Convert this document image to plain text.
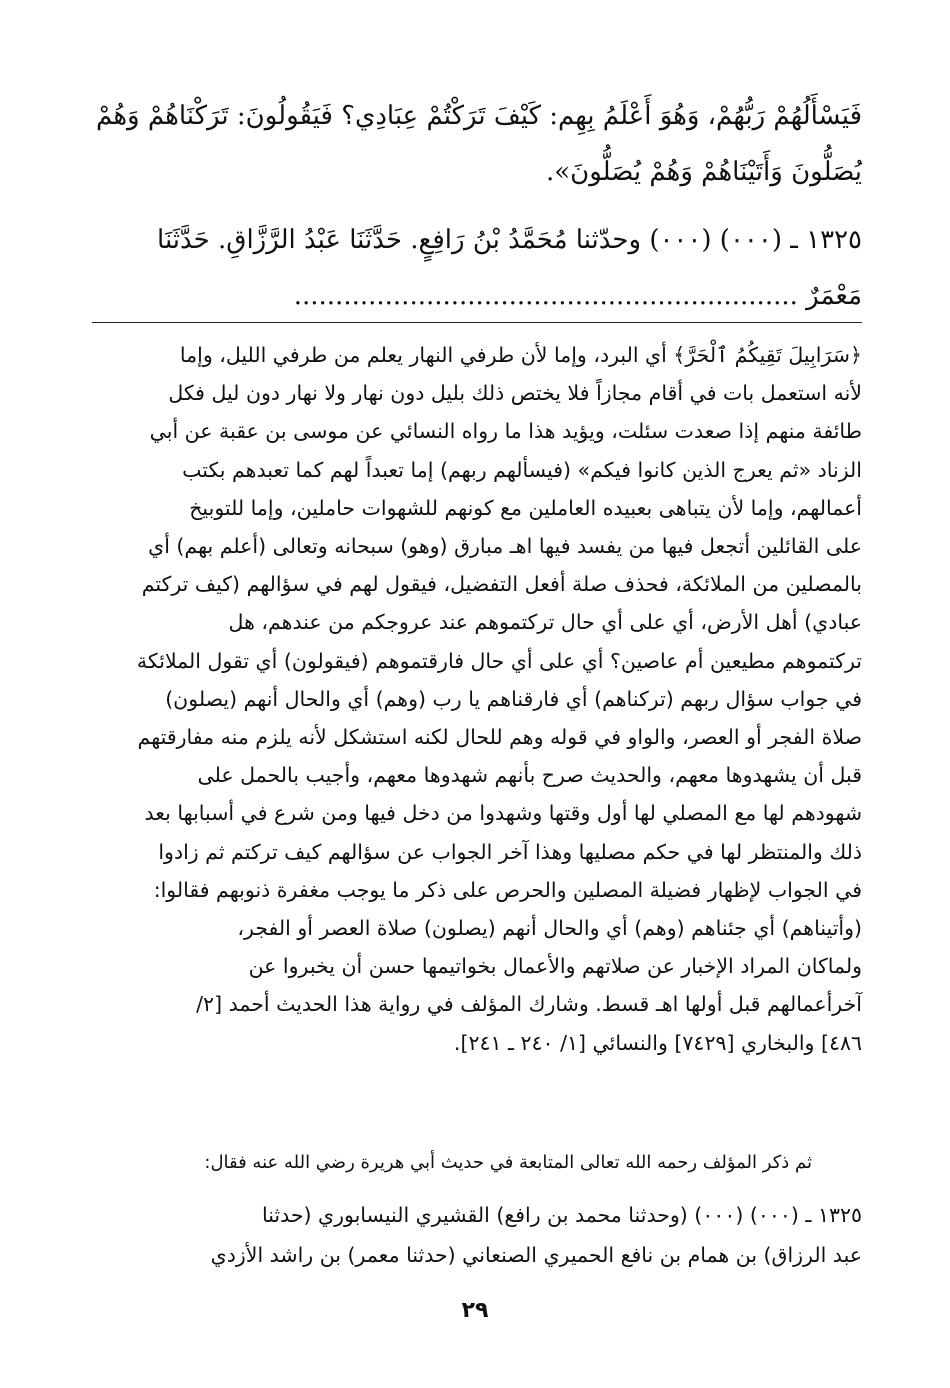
فَيَسْأَلُهُمْ رَبُّهُمْ، وَهُوَ أَعْلَمُ بِهِم: كَيْفَ تَرَكْتُمْ عِبَادِي؟ فَيَقُولُونَ: تَرَكْنَاهُمْ وَهُمْ

يُصَلُّونَ وَأَتَيْنَاهُمْ وَهُمْ يُصَلُّونَ».

١٣٢٥ ـ (٠٠٠) (٠٠٠) وحدّثنا مُحَمَّدُ بْنُ رَافِعٍ. حَدَّثَنَا عَبْدُ الرَّزَّاقِ. حَدَّثَنَا

مَعْمَرٌ .............................................................

﴿سَرَابِيلَ تَقِيكُمُ ٱلْحَرَّ﴾ أي البرد، وإما لأن طرفي النهار يعلم من طرفي الليل، وإما

لأنه استعمل بات في أقام مجازاً فلا يختص ذلك بليل دون نهار ولا نهار دون ليل فكل

طائفة منهم إذا صعدت سئلت، ويؤيد هذا ما رواه النسائي عن موسى بن عقبة عن أبي

الزناد «ثم يعرج الذين كانوا فيكم» (فيسألهم ربهم) إما تعبداً لهم كما تعبدهم بكتب

أعمالهم، وإما لأن يتباهى بعبيده العاملين مع كونهم للشهوات حاملين، وإما للتوبيخ

على القائلين أتجعل فيها من يفسد فيها اهـ مبارق (وهو) سبحانه وتعالى (أعلم بهم) أي

بالمصلين من الملائكة، فحذف صلة أفعل التفضيل، فيقول لهم في سؤالهم (كيف تركتم

عبادي) أهل الأرض، أي على أي حال تركتموهم عند عروجكم من عندهم، هل

تركتموهم مطيعين أم عاصين؟ أي على أي حال فارقتموهم (فيقولون) أي تقول الملائكة

في جواب سؤال ربهم (تركناهم) أي فارقناهم يا رب (وهم) أي والحال أنهم (يصلون)

صلاة الفجر أو العصر، والواو في قوله وهم للحال لكنه استشكل لأنه يلزم منه مفارقتهم

قبل أن يشهدوها معهم، والحديث صرح بأنهم شهدوها معهم، وأجيب بالحمل على

شهودهم لها مع المصلي لها أول وقتها وشهدوا من دخل فيها ومن شرع في أسبابها بعد

ذلك والمنتظر لها في حكم مصليها وهذا آخر الجواب عن سؤالهم كيف تركتم ثم زادوا

في الجواب لإظهار فضيلة المصلين والحرص على ذكر ما يوجب مغفرة ذنوبهم فقالوا:

(وأتيناهم) أي جئناهم (وهم) أي والحال أنهم (يصلون) صلاة العصر أو الفجر،

ولماكان المراد الإخبار عن صلاتهم والأعمال بخواتيمها حسن أن يخبروا عن

آخرأعمالهم قبل أولها اهـ قسط. وشارك المؤلف في رواية هذا الحديث أحمد [٢/

٤٨٦] والبخاري [٧٤٢٩] والنسائي [١/ ٢٤٠ ـ ٢٤١].

ثم ذكر المؤلف رحمه الله تعالى المتابعة في حديث أبي هريرة رضي الله عنه فقال:

١٣٢٥ ـ (٠٠٠) (٠٠٠) (وحدثنا محمد بن رافع) القشيري النيسابوري (حدثنا

عبد الرزاق) بن همام بن نافع الحميري الصنعاني (حدثنا معمر) بن راشد الأزدي

٢٩
